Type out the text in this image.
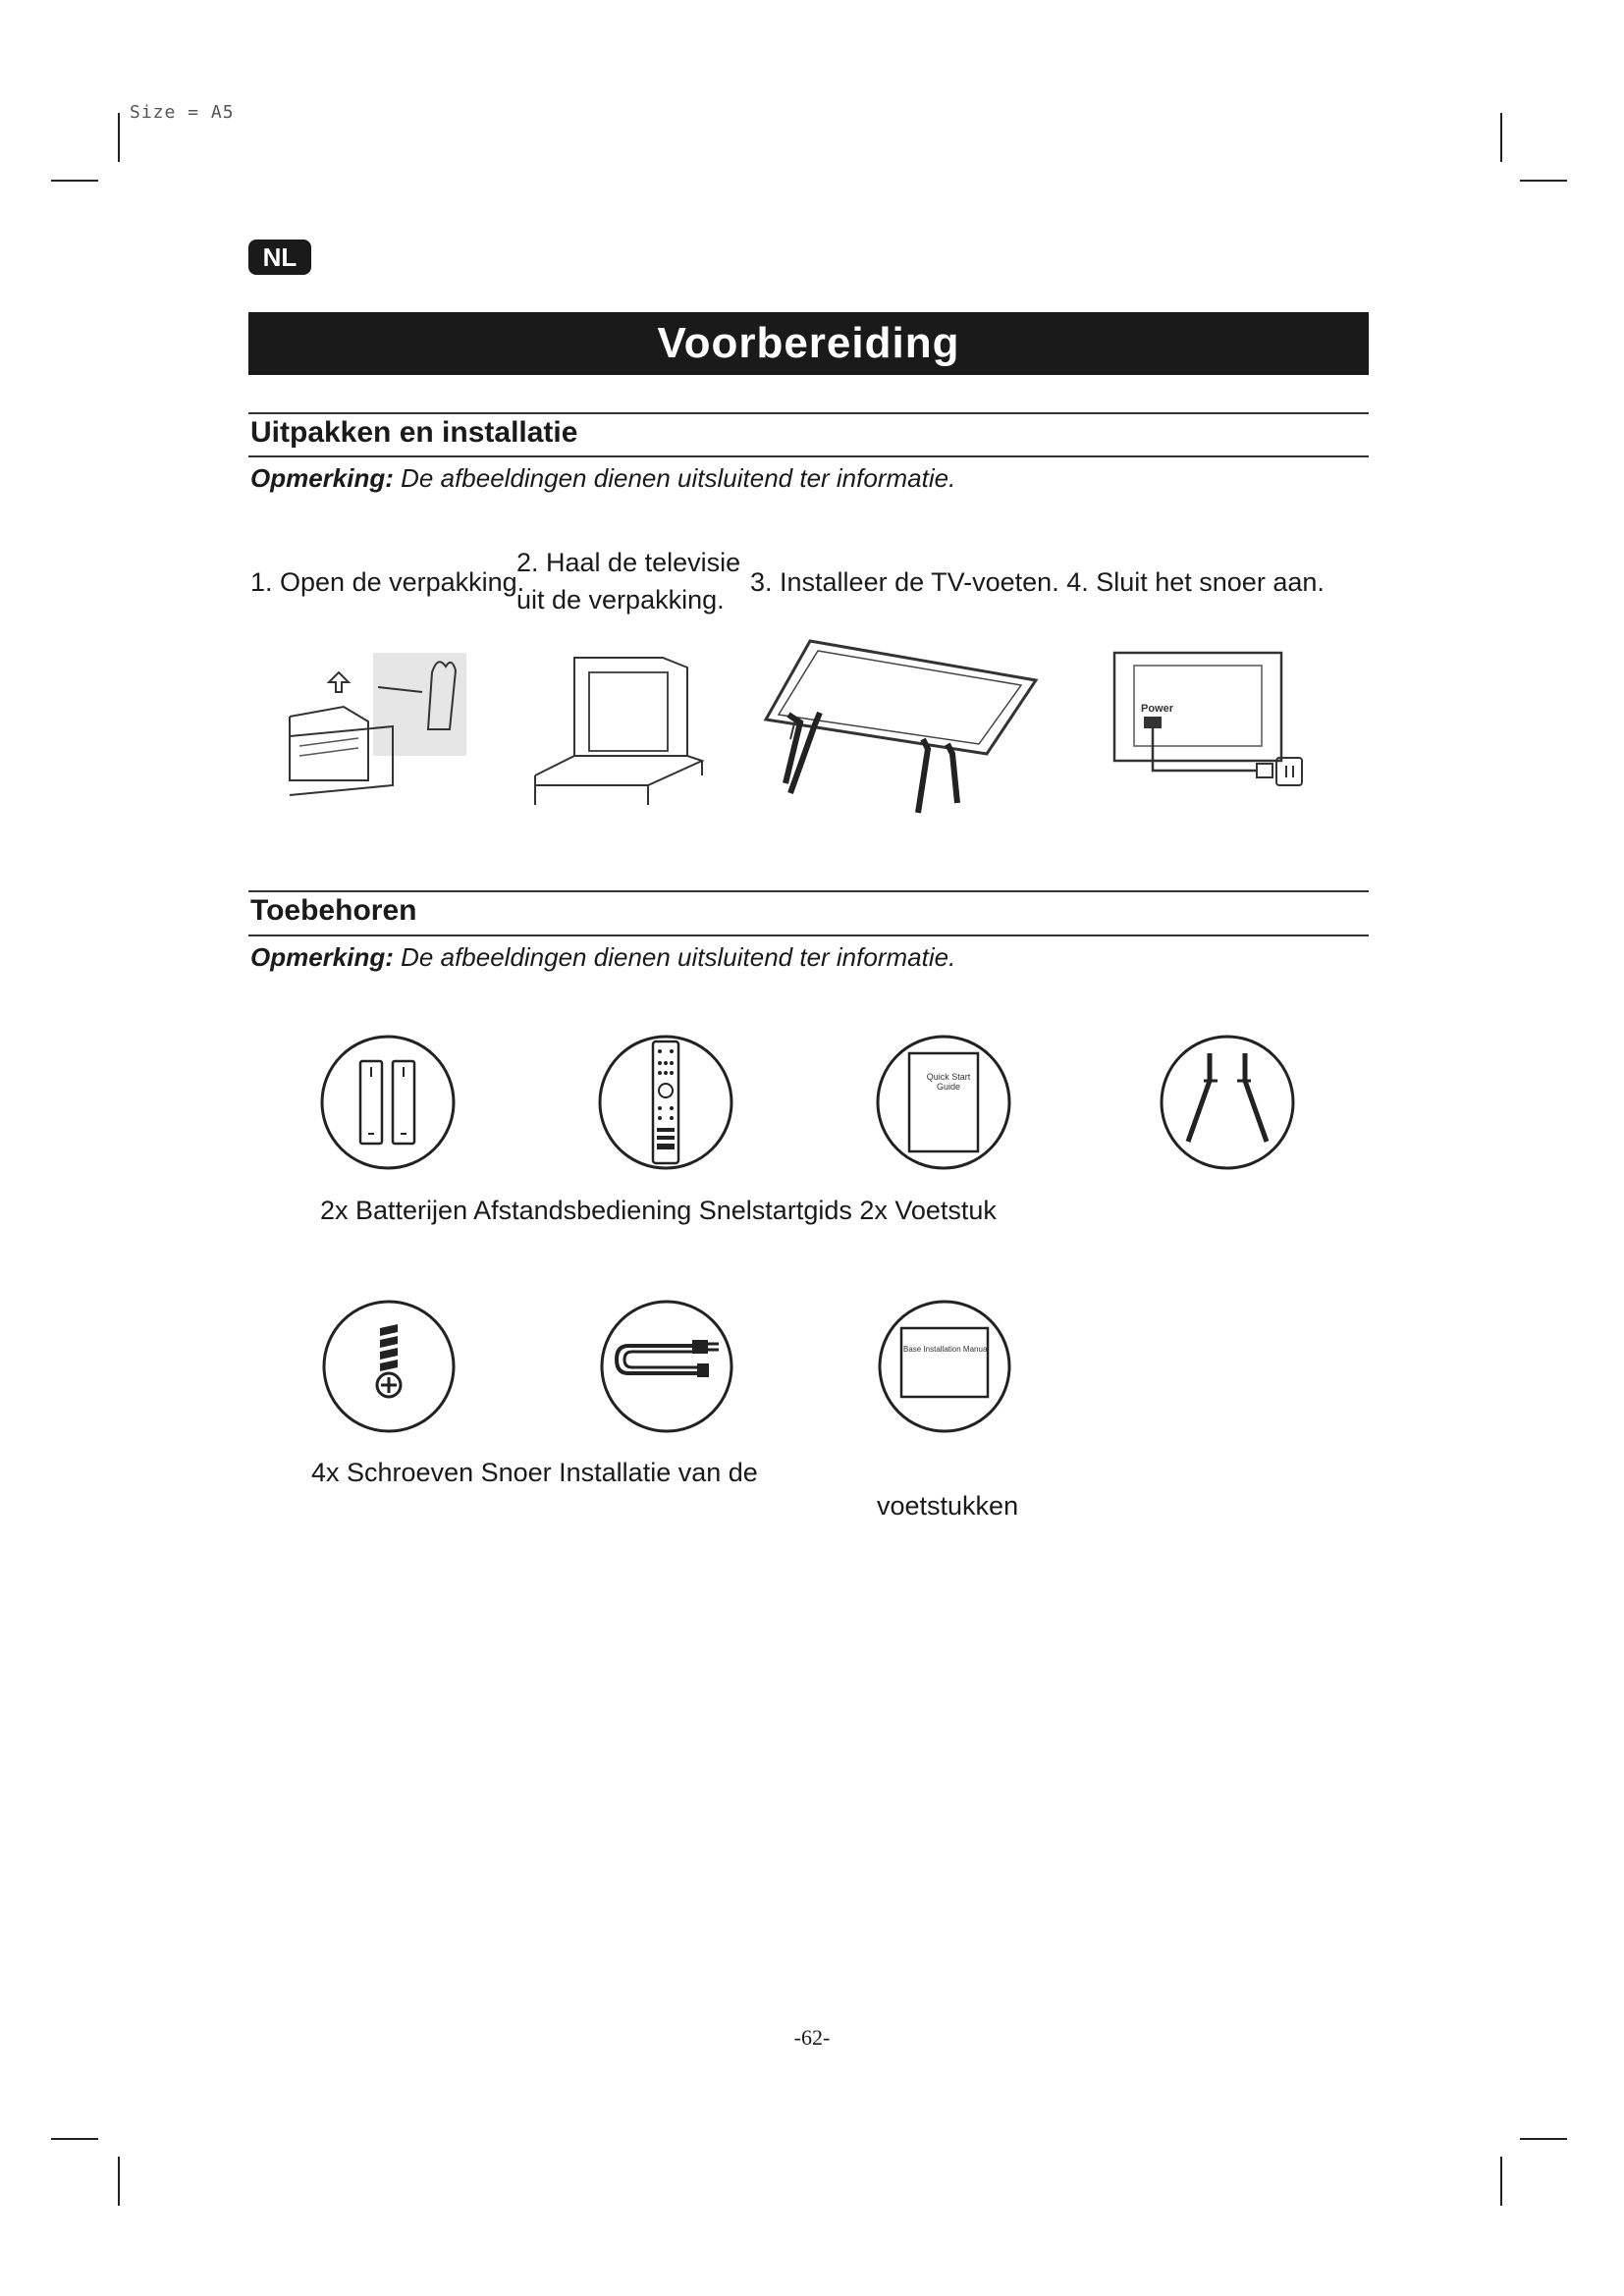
Size = A5
NL
Voorbereiding
Uitpakken en installatie
Opmerking: De afbeeldingen dienen uitsluitend ter informatie.
1. Open de verpakking.
2. Haal de televisie
uit de verpakking.
3. Installeer de TV-voeten. 4. Sluit het snoer aan.
Power
Toebehoren
Opmerking: De afbeeldingen dienen uitsluitend ter informatie.
Quick Start Guide
2x Batterijen Afstandsbediening Snelstartgids 2x Voetstuk
Base Installation Manual
4x Schroeven Snoer Installatie van de
voetstukken
-62-
